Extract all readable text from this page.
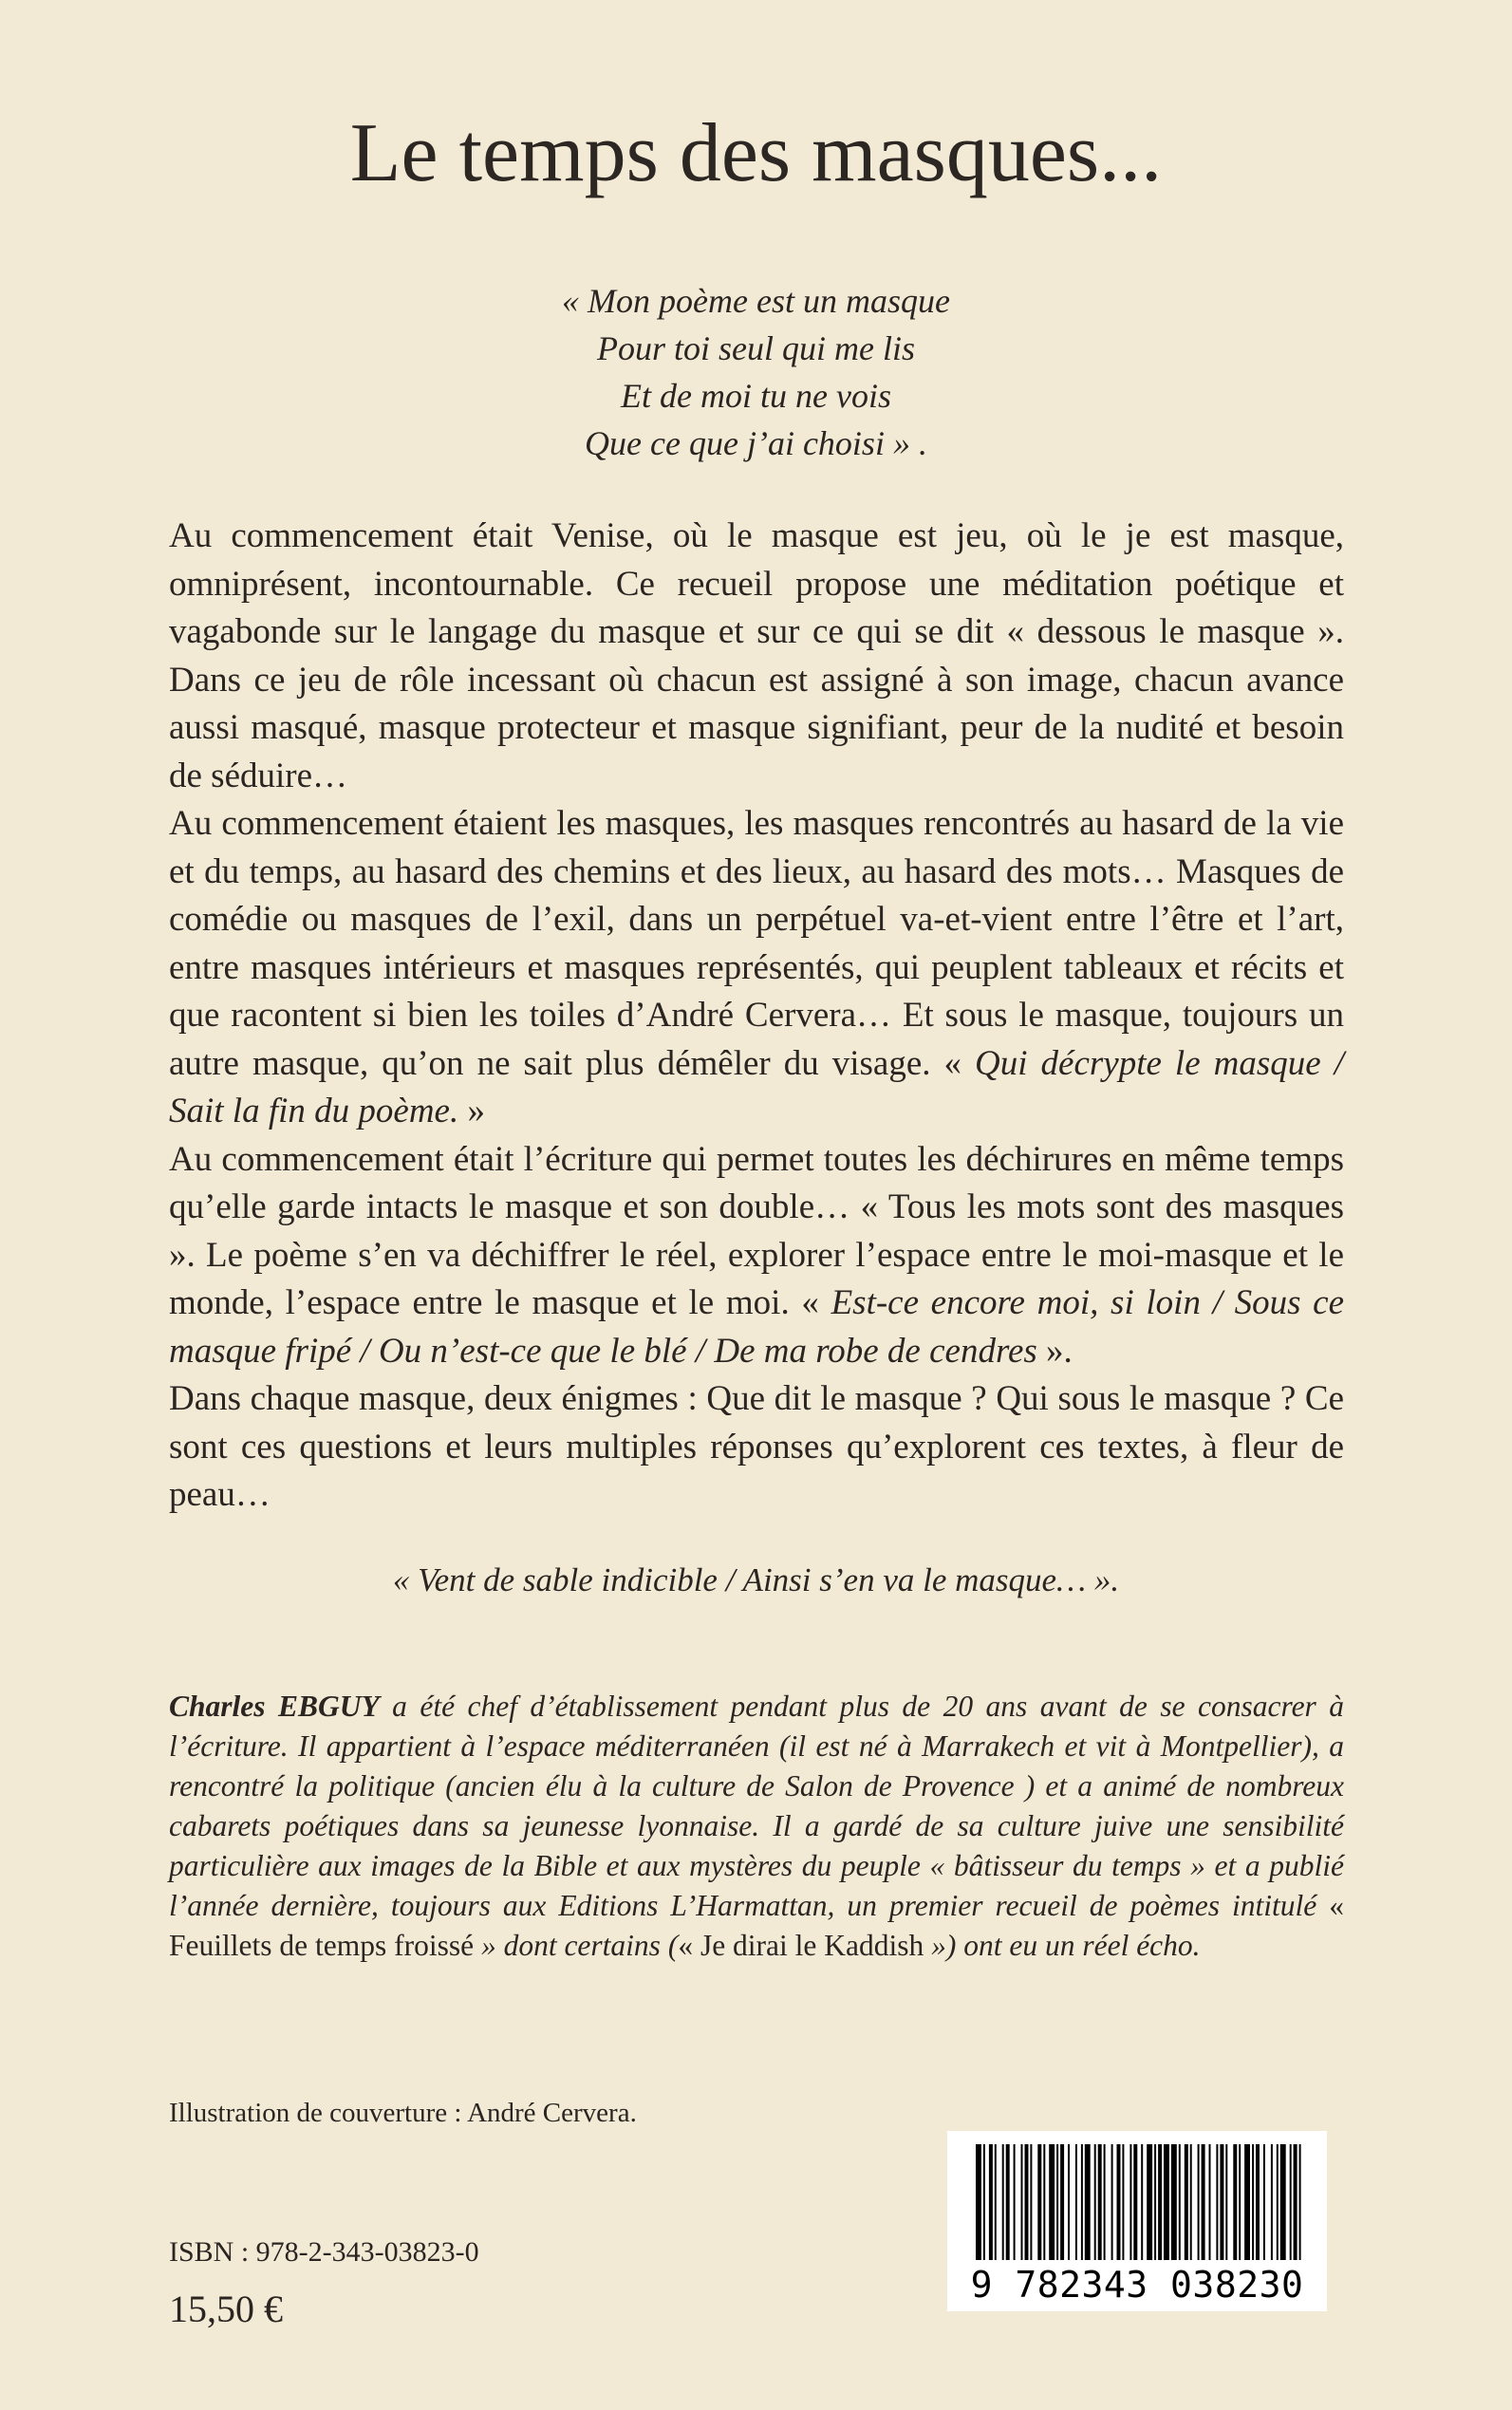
Le temps des masques...
« Mon poème est un masque
Pour toi seul qui me lis
Et de moi tu ne vois
Que ce que j’ai choisi » .

Au commencement était Venise, où le masque est jeu, où le je est masque, omniprésent, incontournable. Ce recueil propose une méditation poétique et vagabonde sur le langage du masque et sur ce qui se dit « dessous le masque ». Dans ce jeu de rôle incessant où chacun est assigné à son image, chacun avance aussi masqué, masque protecteur et masque signifiant, peur de la nudité et besoin de séduire…

Au commencement étaient les masques, les masques rencontrés au hasard de la vie et du temps, au hasard des chemins et des lieux, au hasard des mots… Masques de comédie ou masques de l’exil, dans un perpétuel va-et-vient entre l’être et l’art, entre masques intérieurs et masques représentés, qui peuplent tableaux et récits et que racontent si bien les toiles d’André Cervera… Et sous le masque, toujours un autre masque, qu’on ne sait plus démêler du visage. « Qui décrypte le masque / Sait la fin du poème. »

Au commencement était l’écriture qui permet toutes les déchirures en même temps qu’elle garde intacts le masque et son double… « Tous les mots sont des masques ». Le poème s’en va déchiffrer le réel, explorer l’espace entre le moi-masque et le monde, l’espace entre le masque et le moi. « Est-ce encore moi, si loin / Sous ce masque fripé / Ou n’est-ce que le blé / De ma robe de cendres ».

Dans chaque masque, deux énigmes : Que dit le masque ? Qui sous le masque ? Ce sont ces questions et leurs multiples réponses qu’explorent ces textes, à fleur de peau…

« Vent de sable indicible / Ainsi s’en va le masque… ».
Charles EBGUY a été chef d’établissement pendant plus de 20 ans avant de se consacrer à l’écriture. Il appartient à l’espace méditerranéen (il est né à Marrakech et vit à Montpellier), a rencontré la politique (ancien élu à la culture de Salon de Provence ) et a animé de nombreux cabarets poétiques dans sa jeunesse lyonnaise. Il a gardé de sa culture juive une sensibilité particulière aux images de la Bible et aux mystères du peuple « bâtisseur du temps » et a publié l’année dernière, toujours aux Editions L’Harmattan, un premier recueil de poèmes intitulé « Feuillets de temps froissé » dont certains (« Je dirai le Kaddish ») ont eu un réel écho.
Illustration de couverture : André Cervera.
ISBN : 978-2-343-03823-0
15,50 €
9 782343 038230
